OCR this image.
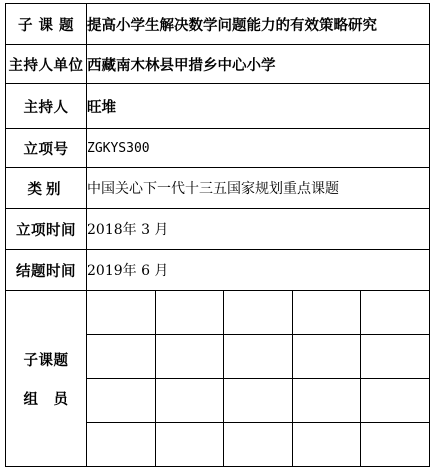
子 课 题	提高小学生解决数学问题能力的有效策略研究
主持人单位	西藏南木林县甲措乡中心小学
主持人	旺堆
立项号	ZGKYS300
类别	中国关心下一代十三五国家规划重点课题
立项时间	2018年 3 月
结题时间	2019年 6 月

子课题
组　员
